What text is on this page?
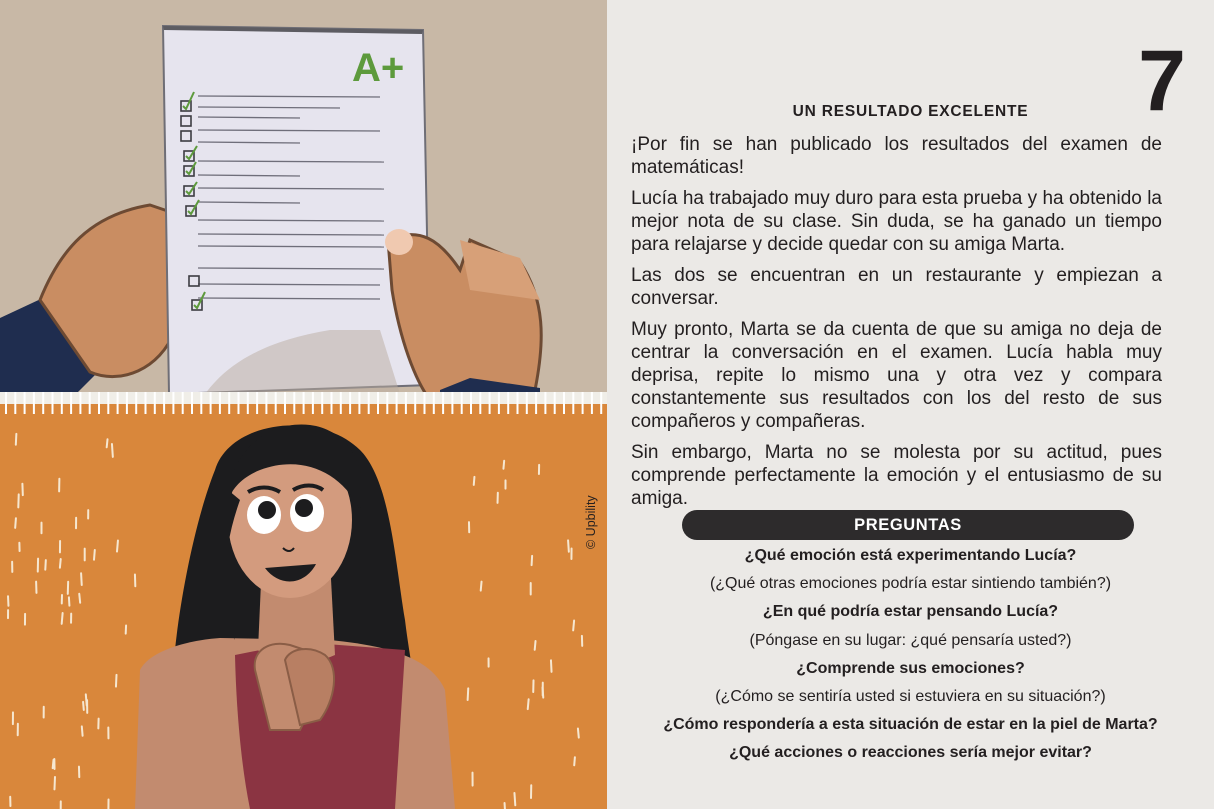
A+
© Upbility
7
UN RESULTADO EXCELENTE

¡Por fin se han publicado los resultados del examen de matemáticas!

Lucía ha trabajado muy duro para esta prueba y ha obtenido la mejor nota de su clase. Sin duda, se ha ganado un tiempo para relajarse y decide quedar con su amiga Marta.

Las dos se encuentran en un restaurante y empiezan a conversar.

Muy pronto, Marta se da cuenta de que su amiga no deja de centrar la conversación en el examen. Lucía habla muy deprisa, repite lo mismo una y otra vez y compara constantemente sus resultados con los del resto de sus compañeros y compañeras.

Sin embargo, Marta no se molesta por su actitud, pues comprende perfectamente la emoción y el entusiasmo de su amiga.

PREGUNTAS
¿Qué emoción está experimentando Lucía?
(¿Qué otras emociones podría estar sintiendo también?)
¿En qué podría estar pensando Lucía?
(Póngase en su lugar: ¿qué pensaría usted?)
¿Comprende sus emociones?
(¿Cómo se sentiría usted si estuviera en su situación?)
¿Cómo respondería a esta situación de estar en la piel de Marta?
¿Qué acciones o reacciones sería mejor evitar?
